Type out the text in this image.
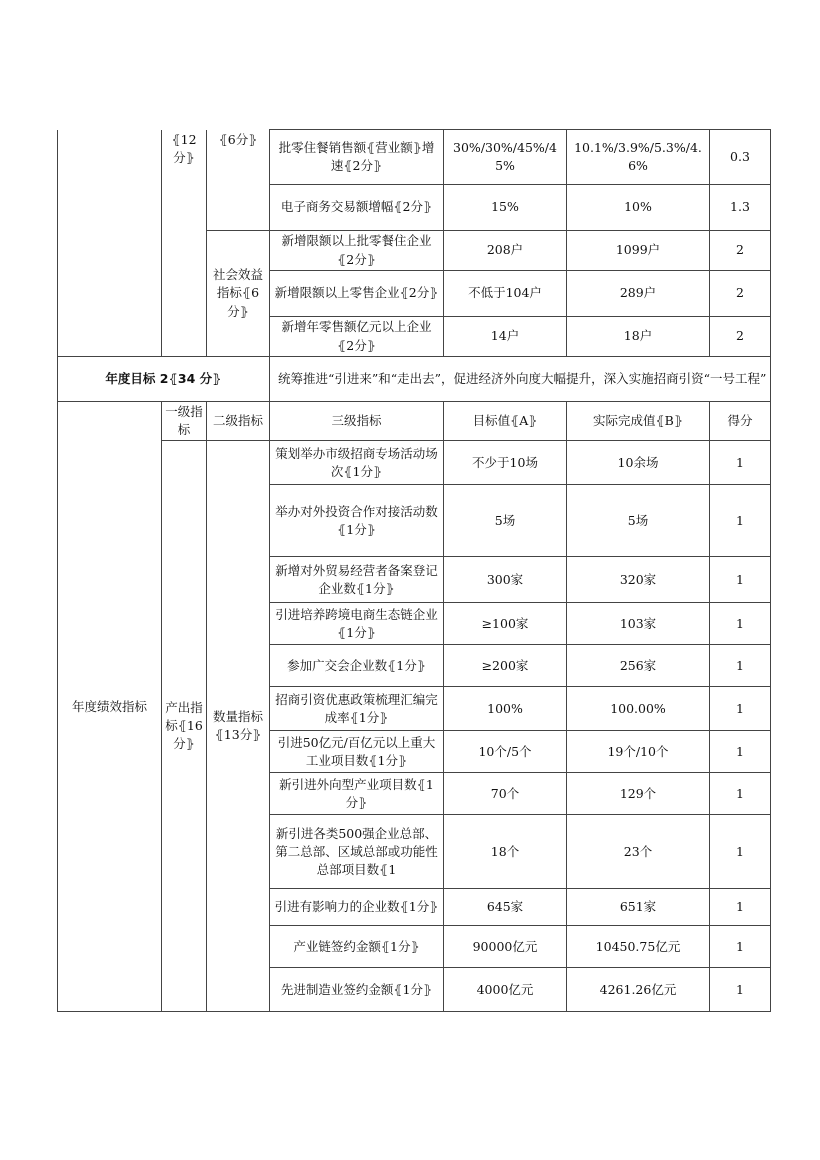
	⦃12分⦄	⦃6分⦄	批零住餐销售额⦃营业额⦄增速⦃2分⦄	30%/30%/45%/45%	10.1%/3.9%/5.3%/4.6%	0.3
			电子商务交易额增幅⦃2分⦄	15%	10%	1.3
		社会效益指标⦃6分⦄	新增限额以上批零餐住企业⦃2分⦄	208户	1099户	2
			新增限额以上零售企业⦃2分⦄	不低于104户	289户	2
			新增年零售额亿元以上企业⦃2分⦄	14户	18户	2
年度目标 2⦃34 分⦄			统筹推进“引进来”和“走出去”，促进经济外向度大幅提升，深入实施招商引资“一号工程”			
年度绩效指标	一级指标	二级指标	三级指标	目标值⦃A⦄	实际完成值⦃B⦄	得分
	产出指标⦃16分⦄	数量指标⦃13分⦄	策划举办市级招商专场活动场次⦃1分⦄	不少于10场	10余场	1
			举办对外投资合作对接活动数⦃1分⦄	5场	5场	1
			新增对外贸易经营者备案登记企业数⦃1分⦄	300家	320家	1
			引进培养跨境电商生态链企业⦃1分⦄	≥100家	103家	1
			参加广交会企业数⦃1分⦄	≥200家	256家	1
			招商引资优惠政策梳理汇编完成率⦃1分⦄	100%	100.00%	1
			引进50亿元/百亿元以上重大工业项目数⦃1分⦄	10个/5个	19个/10个	1
			新引进外向型产业项目数⦃1分⦄	70个	129个	1
			新引进各类500强企业总部、第二总部、区域总部或功能性总部项目数⦃1	18个	23个	1
			引进有影响力的企业数⦃1分⦄	645家	651家	1
			产业链签约金额⦃1分⦄	90000亿元	10450.75亿元	1
			先进制造业签约金额⦃1分⦄	4000亿元	4261.26亿元	1
